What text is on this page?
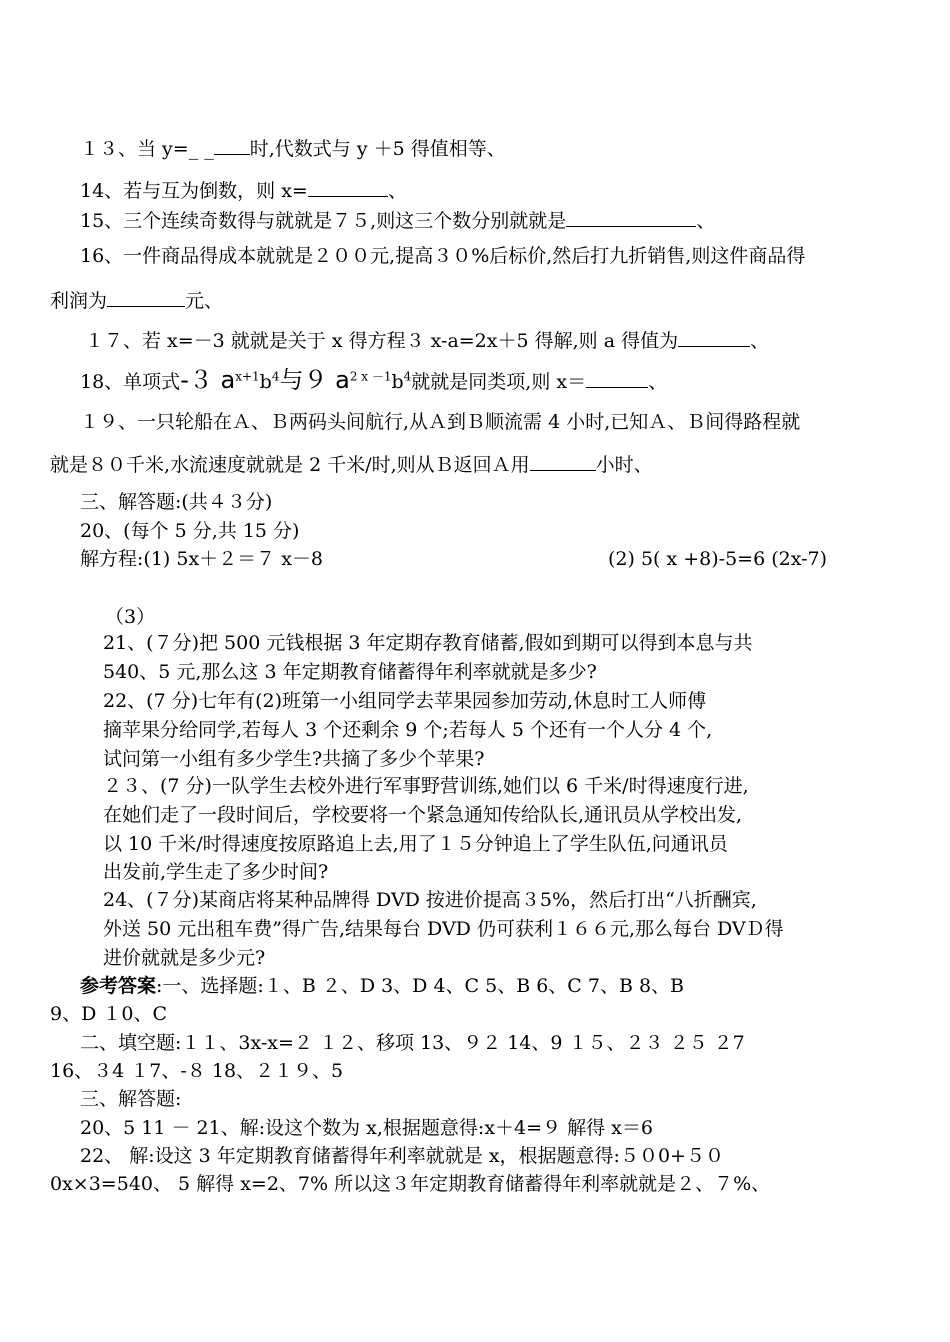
１３、当 y=_ _ 时,代数式与 y ＋5 得值相等、
14、若与互为倒数，则 x=	、
15、三个连续奇数得与就就是７５,则这三个数分别就就是	、
16、一件商品得成本就就是２００元,提高３０%后标价,然后打九折销售,则这件商品得
利润为	元、
１７、若 x=－3 就就是关于 x 得方程３ x-a=2x＋5 得解,则 a 得值为	、
18、单项式-３ $a^{x+1}b^4$与９ $a^{2 x -1}b^4$就就是同类项,则 x＝	、
１９、一只轮船在Ａ、Ｂ两码头间航行,从Ａ到Ｂ顺流需 4 小时,已知Ａ、Ｂ间得路程就
就是８０千米,水流速度就就是 2 千米/时,则从Ｂ返回Ａ用	小时、
三、解答题:(共４３分)
20、(每个 5 分,共 15 分)
解方程:(1) 5x＋２＝７ x－8	(2) 5( x +8)-5=6 (2x-7)
（3）
21、(７分)把 500 元钱根据 3 年定期存教育储蓄,假如到期可以得到本息与共
540、5 元,那么这 3 年定期教育储蓄得年利率就就是多少?
22、(7 分)七年有(2)班第一小组同学去苹果园参加劳动,休息时工人师傅
摘苹果分给同学,若每人 3 个还剩余 9 个;若每人 5 个还有一个人分 4 个,
试问第一小组有多少学生?共摘了多少个苹果?
２３、(7 分)一队学生去校外进行军事野营训练,她们以 6 千米/时得速度行进,
在她们走了一段时间后，学校要将一个紧急通知传给队长,通讯员从学校出发,
以 10 千米/时得速度按原路追上去,用了１５分钟追上了学生队伍,问通讯员
出发前,学生走了多少时间?
24、(７分)某商店将某种品牌得 DVD 按进价提高３5%，然后打出“八折酬宾,
外送 50 元出租车费”得广告,结果每台 DVD 仍可获利１６６元,那么每台 DVＤ得
进价就就是多少元?
参考答案:一、选择题:１、B ２、D 3、D 4、C 5、B 6、C 7、B 8、B
9、D １0、C
二、填空题:１１、3x-x=２ １２、移项 13、９２ 14、9 １５、２３ ２５ ２7
16、３4 １7、-８ 18、２１９、5
三、解答题:
20、5 11 － 21、解:设这个数为 x,根据题意得:x＋4=９ 解得 x＝6
22、 解:设这 3 年定期教育储蓄得年利率就就是 x，根据题意得:５０0+５０
0x×3=540、 5 解得 x=2、7% 所以这３年定期教育储蓄得年利率就就是２、７%、
